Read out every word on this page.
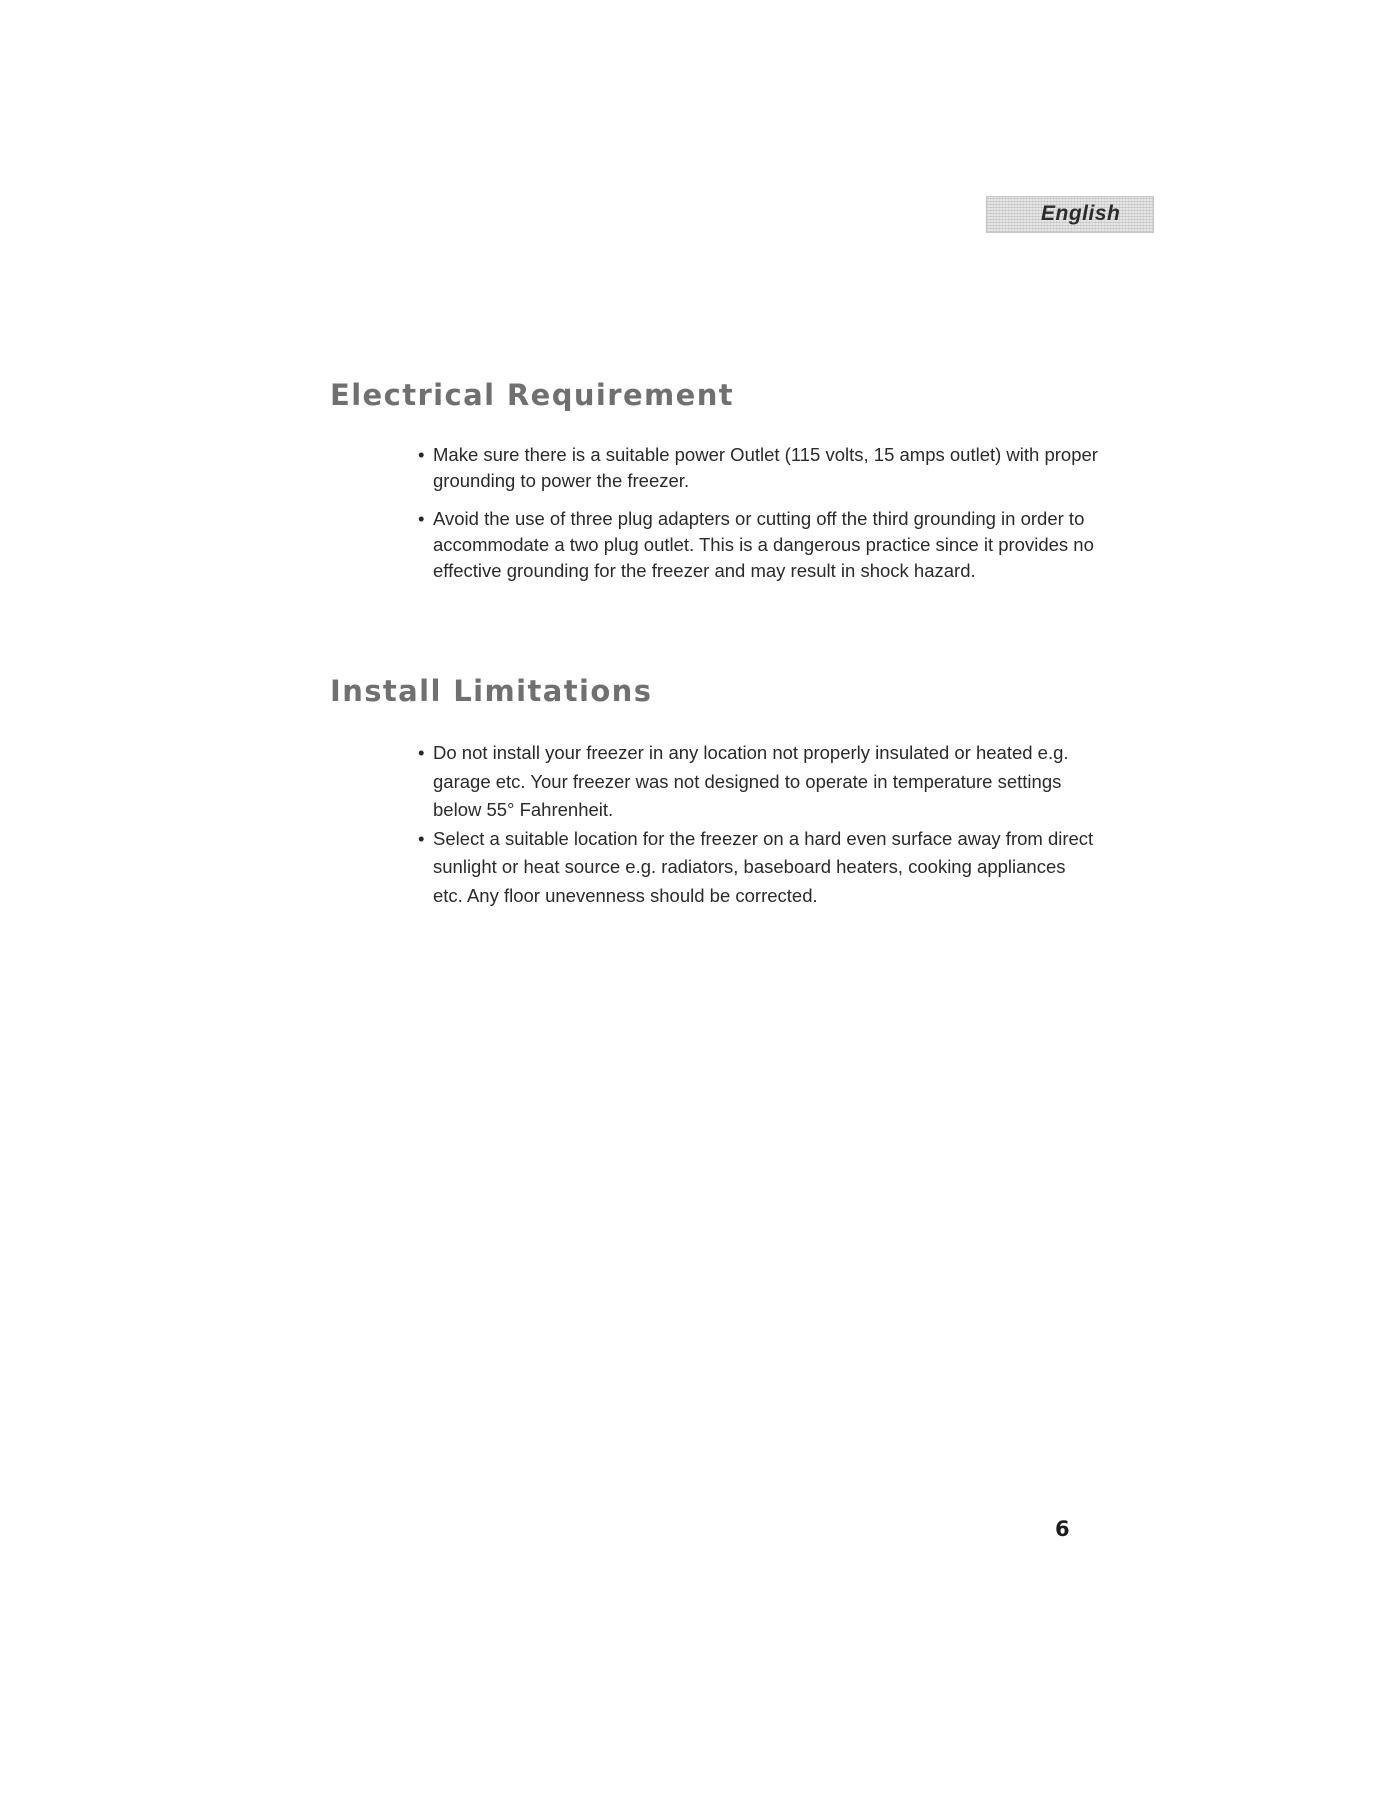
English
Electrical Requirement
• Make sure there is a suitable power Outlet (115 volts, 15 amps outlet) with proper grounding to power the freezer.
• Avoid the use of three plug adapters or cutting off the third grounding in order to accommodate a two plug outlet. This is a dangerous practice since it provides no effective grounding for the freezer and may result in shock hazard.
Install Limitations
• Do not install your freezer in any location not properly insulated or heated e.g. garage etc. Your freezer was not designed to operate in temperature settings below 55° Fahrenheit.
• Select a suitable location for the freezer on a hard even surface away from direct sunlight or heat source e.g. radiators, baseboard heaters, cooking appliances etc. Any floor unevenness should be corrected.
6
